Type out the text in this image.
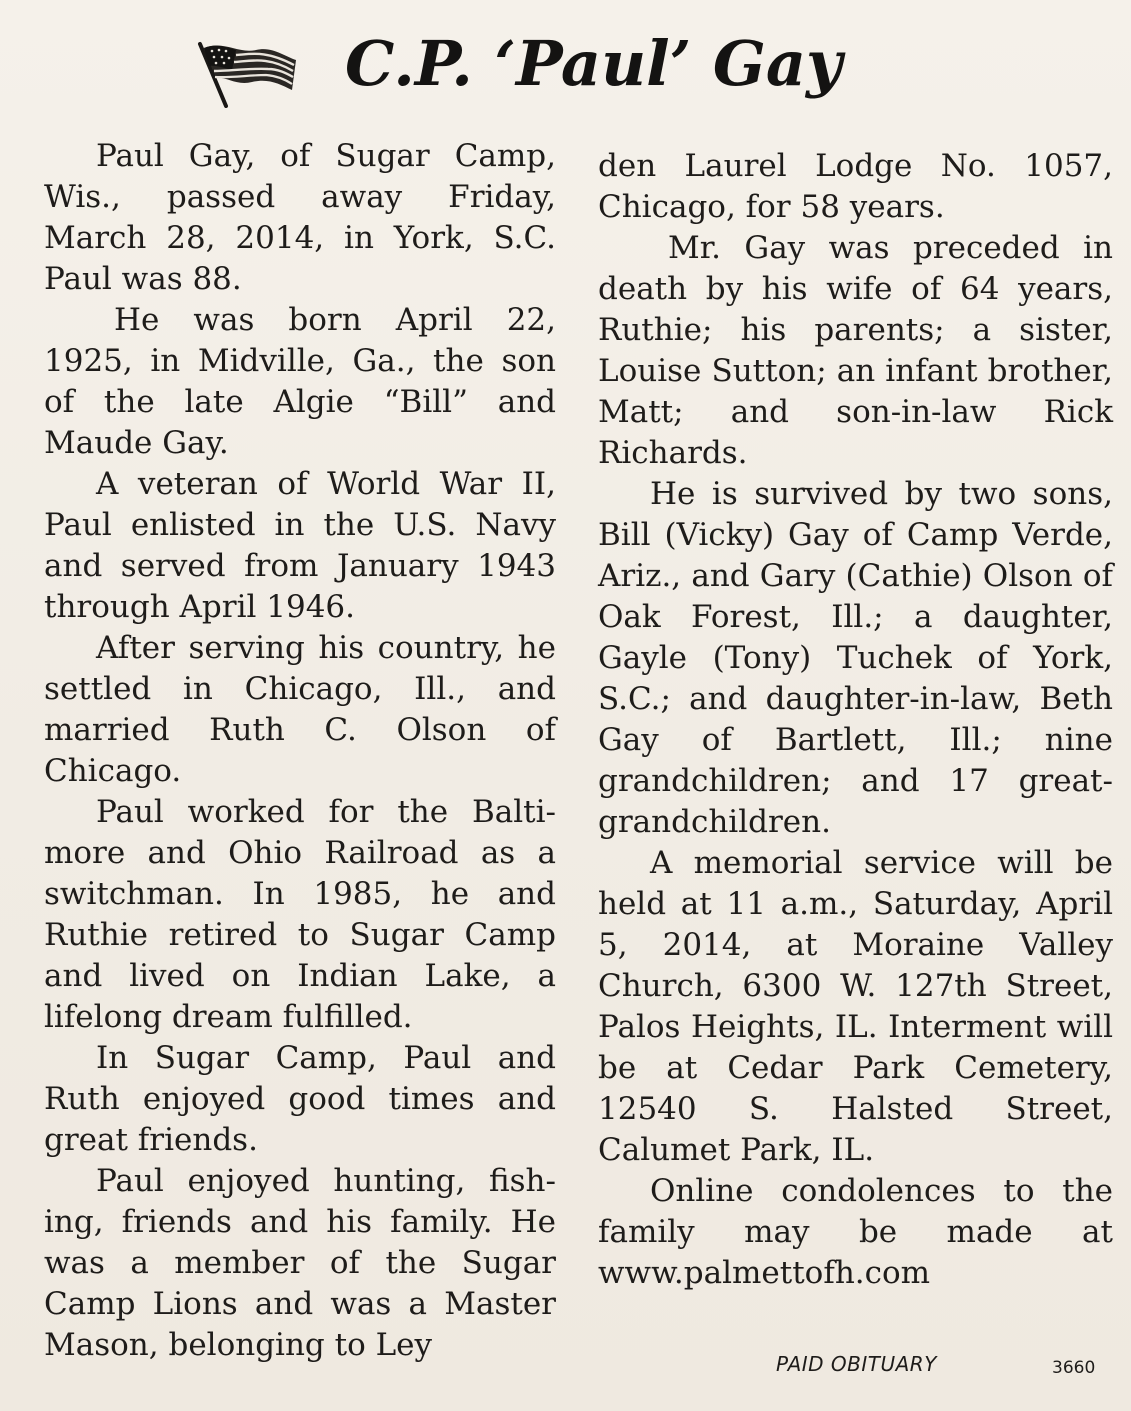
C.P. ‘Paul’ Gay

Paul Gay, of Sugar Camp, Wis., passed away Friday, March 28, 2014, in York, S.C. Paul was 88.

He was born April 22, 1925, in Midville, Ga., the son of the late Algie “Bill” and Maude Gay.

A veteran of World War II, Paul enlisted in the U.S. Navy and served from January 1943 through April 1946.

After serving his country, he settled in Chicago, Ill., and married Ruth C. Olson of Chicago.

Paul worked for the Baltimore and Ohio Railroad as a switchman. In 1985, he and Ruthie retired to Sugar Camp and lived on Indian Lake, a lifelong dream fulfilled.

In Sugar Camp, Paul and Ruth enjoyed good times and great friends.

Paul enjoyed hunting, fishing, friends and his family. He was a member of the Sugar Camp Lions and was a Master Mason, belonging to Ley

den Laurel Lodge No. 1057, Chicago, for 58 years.

Mr. Gay was preceded in death by his wife of 64 years, Ruthie; his parents; a sister, Louise Sutton; an infant brother, Matt; and son-in-law Rick Richards.

He is survived by two sons, Bill (Vicky) Gay of Camp Verde, Ariz., and Gary (Cathie) Olson of Oak Forest, Ill.; a daughter, Gayle (Tony) Tuchek of York, S.C.; and daughter-in-law, Beth Gay of Bartlett, Ill.; nine grandchildren; and 17 great-grandchildren.

A memorial service will be held at 11 a.m., Saturday, April 5, 2014, at Moraine Valley Church, 6300 W. 127th Street, Palos Heights, IL. Interment will be at Cedar Park Cemetery, 12540 S. Halsted Street, Calumet Park, IL.

Online condolences to the family may be made at www.palmettofh.com

PAID OBITUARY	3660
